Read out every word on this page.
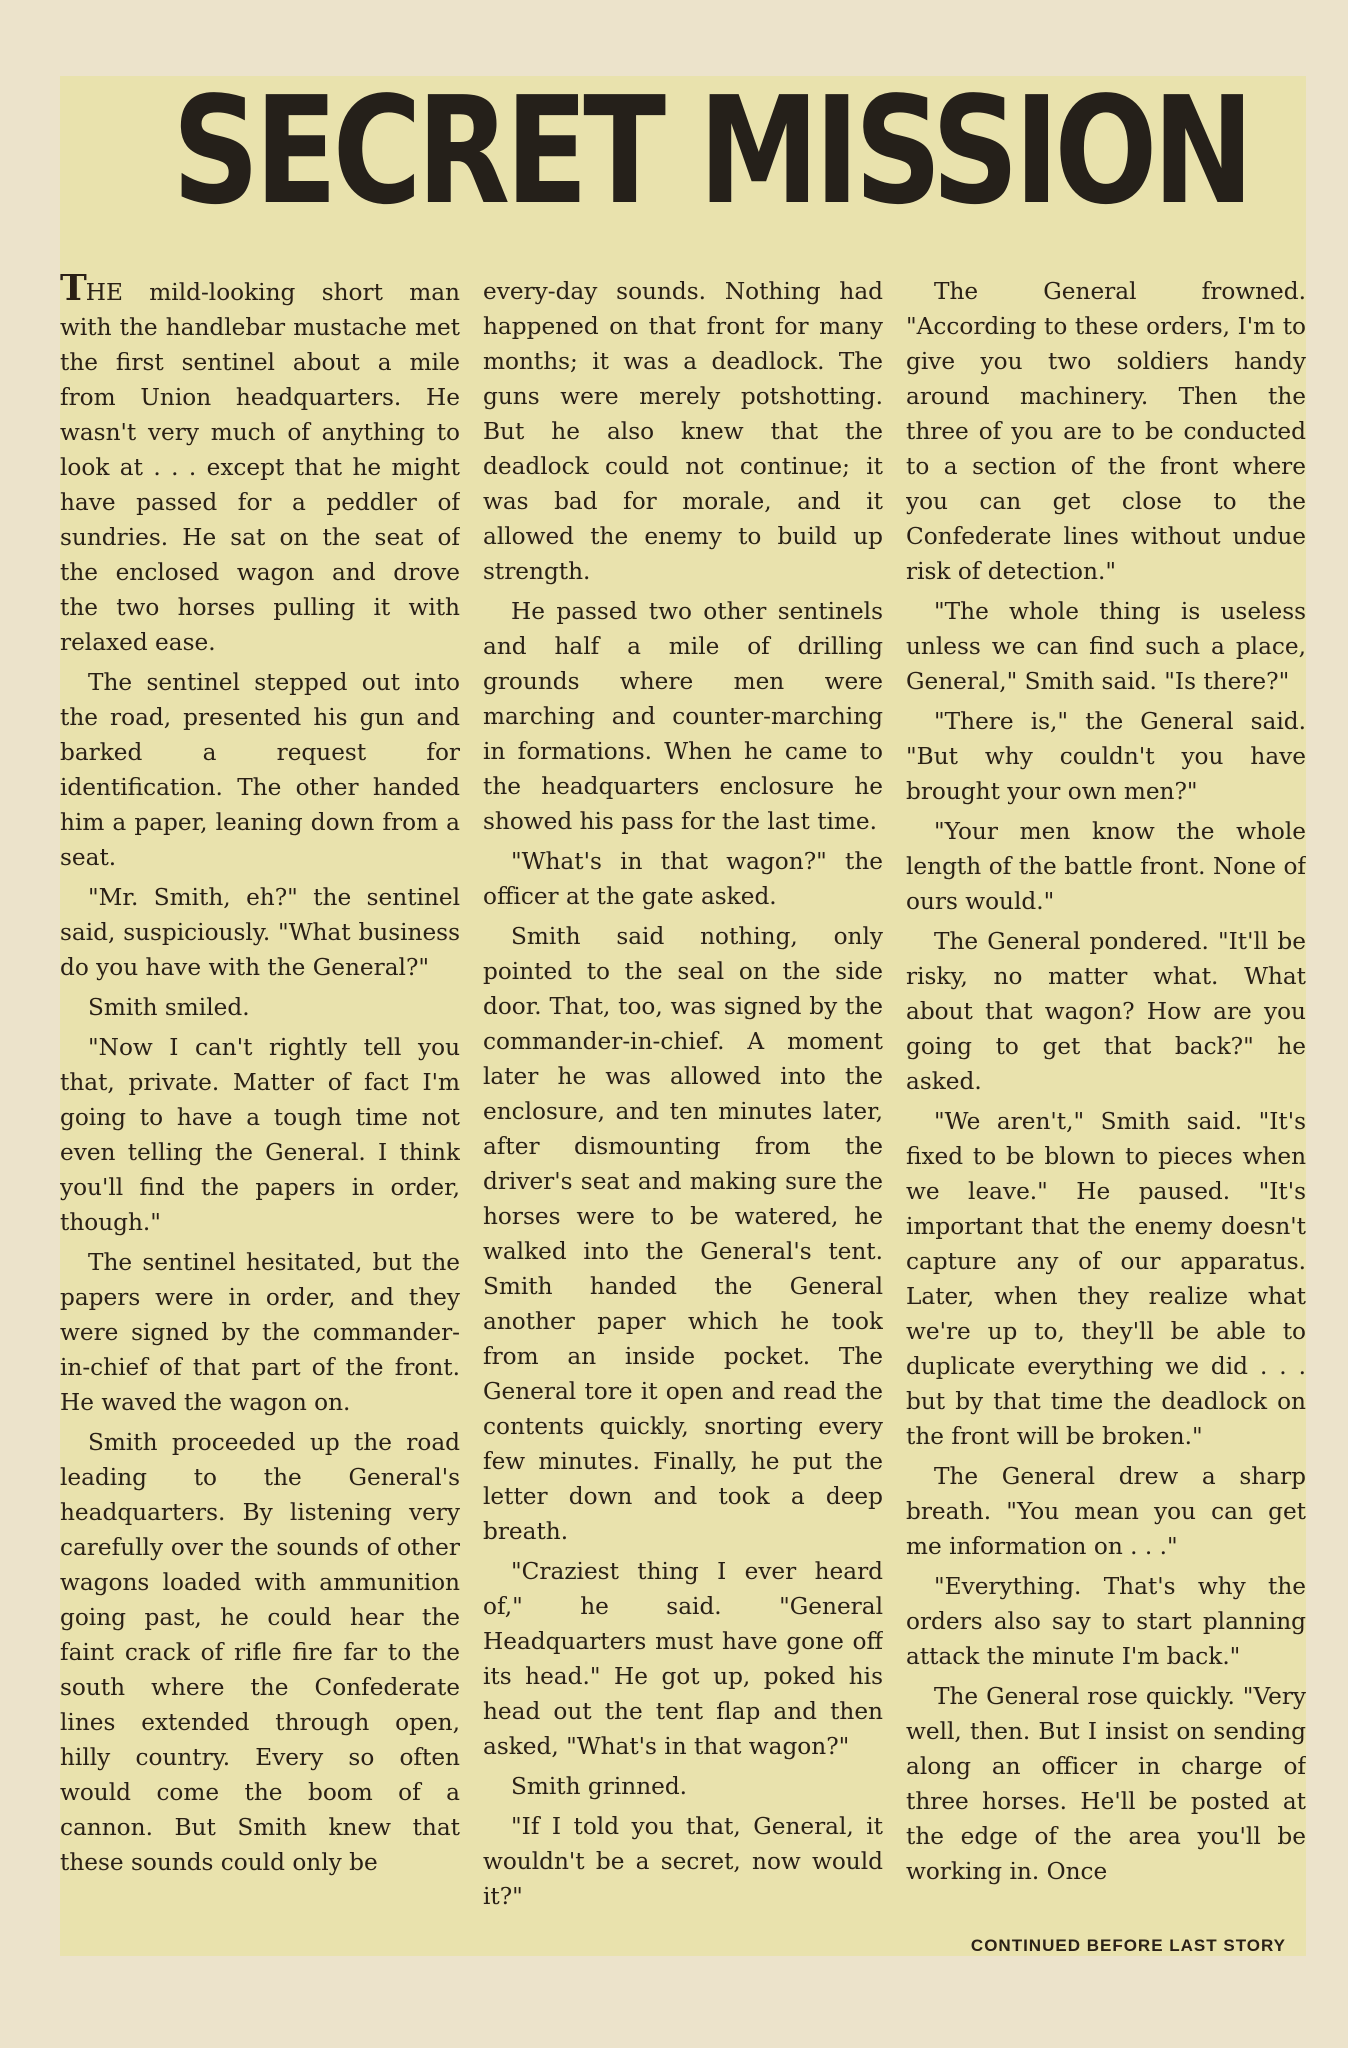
SECRET MISSION

THE mild-looking short man with the handlebar mustache met the first sentinel about a mile from Union headquarters. He wasn't very much of anything to look at . . . except that he might have passed for a peddler of sundries. He sat on the seat of the enclosed wagon and drove the two horses pulling it with relaxed ease.

The sentinel stepped out into the road, presented his gun and barked a request for identification. The other handed him a paper, leaning down from a seat.

"Mr. Smith, eh?" the sentinel said, suspiciously. "What business do you have with the General?"

Smith smiled.

"Now I can't rightly tell you that, private. Matter of fact I'm going to have a tough time not even telling the General. I think you'll find the papers in order, though."

The sentinel hesitated, but the papers were in order, and they were signed by the commander-in-chief of that part of the front. He waved the wagon on.

Smith proceeded up the road leading to the General's headquarters. By listening very carefully over the sounds of other wagons loaded with ammunition going past, he could hear the faint crack of rifle fire far to the south where the Confederate lines extended through open, hilly country. Every so often would come the boom of a cannon. But Smith knew that these sounds could only be

every-day sounds. Nothing had happened on that front for many months; it was a deadlock. The guns were merely potshotting. But he also knew that the deadlock could not continue; it was bad for morale, and it allowed the enemy to build up strength.

He passed two other sentinels and half a mile of drilling grounds where men were marching and counter-marching in formations. When he came to the headquarters enclosure he showed his pass for the last time.

"What's in that wagon?" the officer at the gate asked.

Smith said nothing, only pointed to the seal on the side door. That, too, was signed by the commander-in-chief. A moment later he was allowed into the enclosure, and ten minutes later, after dismounting from the driver's seat and making sure the horses were to be watered, he walked into the General's tent. Smith handed the General another paper which he took from an inside pocket. The General tore it open and read the contents quickly, snorting every few minutes. Finally, he put the letter down and took a deep breath.

"Craziest thing I ever heard of," he said. "General Headquarters must have gone off its head." He got up, poked his head out the tent flap and then asked, "What's in that wagon?"

Smith grinned.

"If I told you that, General, it wouldn't be a secret, now would it?"

The General frowned. "According to these orders, I'm to give you two soldiers handy around machinery. Then the three of you are to be conducted to a section of the front where you can get close to the Confederate lines without undue risk of detection."

"The whole thing is useless unless we can find such a place, General," Smith said. "Is there?"

"There is," the General said. "But why couldn't you have brought your own men?"

"Your men know the whole length of the battle front. None of ours would."

The General pondered. "It'll be risky, no matter what. What about that wagon? How are you going to get that back?" he asked.

"We aren't," Smith said. "It's fixed to be blown to pieces when we leave." He paused. "It's important that the enemy doesn't capture any of our apparatus. Later, when they realize what we're up to, they'll be able to duplicate everything we did . . . but by that time the deadlock on the front will be broken."

The General drew a sharp breath. "You mean you can get me information on . . ."

"Everything. That's why the orders also say to start planning attack the minute I'm back."

The General rose quickly. "Very well, then. But I insist on sending along an officer in charge of three horses. He'll be posted at the edge of the area you'll be working in. Once

CONTINUED BEFORE LAST STORY
